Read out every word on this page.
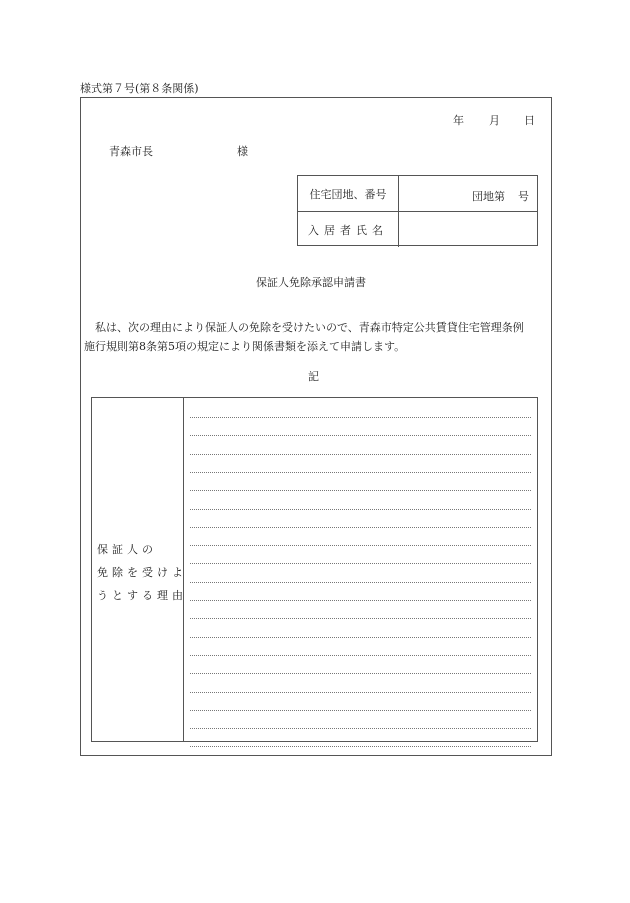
様式第７号(第８条関係)
年 月 日
青森市長	様
住宅団地、番号	団地第 号
入居者氏名
保証人免除承認申請書
私は、次の理由により保証人の免除を受けたいので、青森市特定公共賃貸住宅管理条例
施行規則第8条第5項の規定により関係書類を添えて申請します。
記
保証人の
免除を受けよ
うとする理由
